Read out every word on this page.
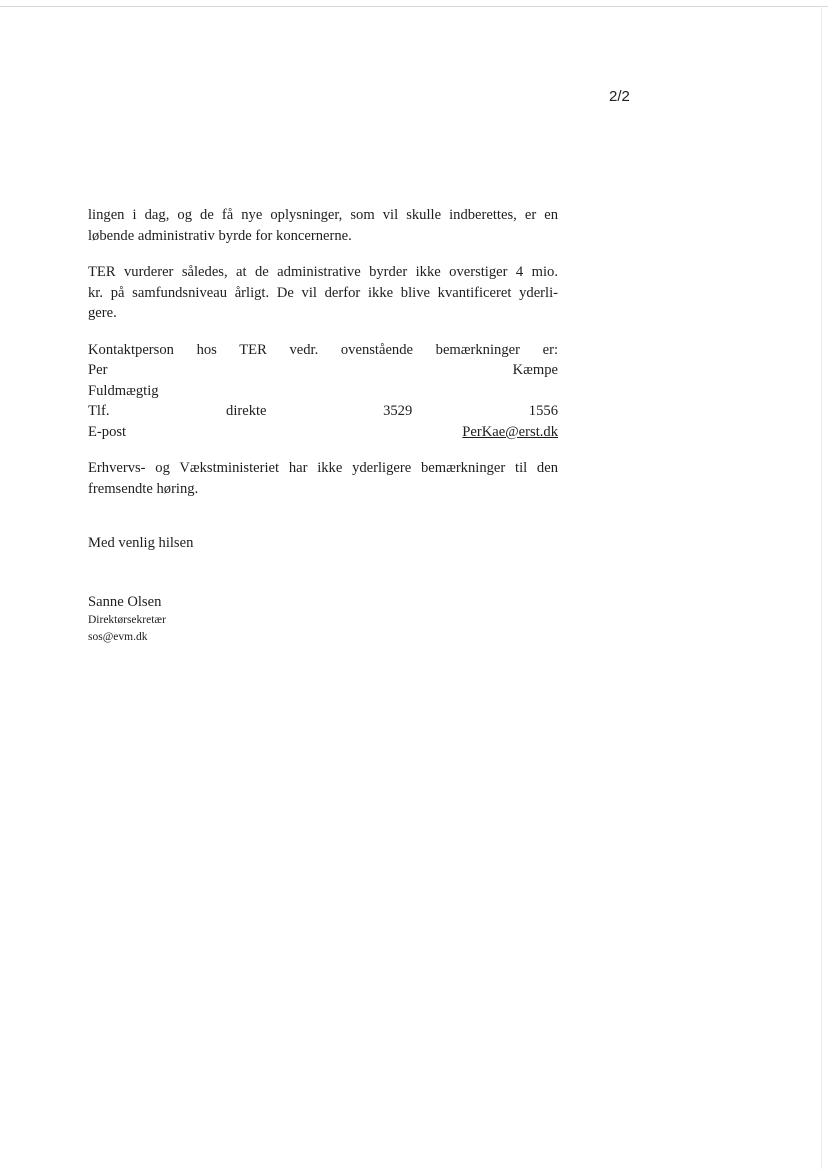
2/2

lingen i dag, og de få nye oplysninger, som vil skulle indberettes, er en
løbende administrativ byrde for koncernerne.

TER vurderer således, at de administrative byrder ikke overstiger 4 mio.
kr. på samfundsniveau årligt. De vil derfor ikke blive kvantificeret yderli-
gere.

Kontaktperson hos TER vedr. ovenstående bemærkninger er:
Per Kæmpe
Fuldmægtig
Tlf. direkte 3529 1556
E-post PerKae@erst.dk

Erhvervs- og Vækstministeriet har ikke yderligere bemærkninger til den
fremsendte høring.

Med venlig hilsen

Sanne Olsen
Direktørsekretær
sos@evm.dk
